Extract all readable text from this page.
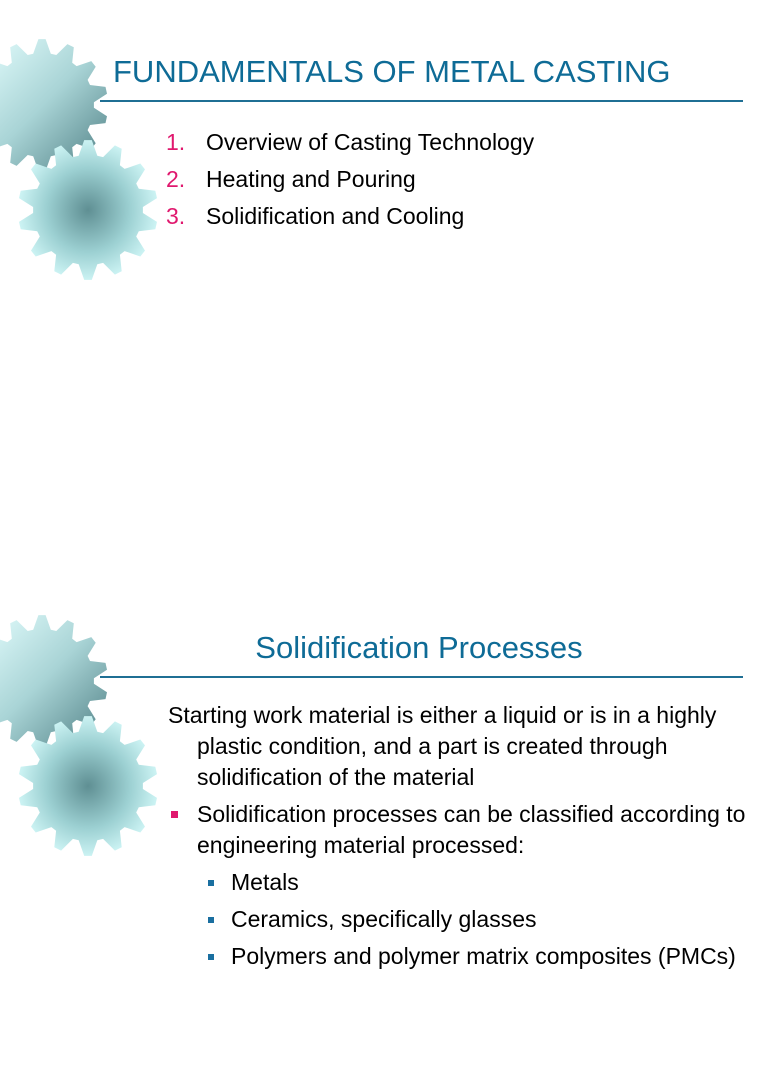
FUNDAMENTALS OF METAL CASTING
1. Overview of Casting Technology
2. Heating and Pouring
3. Solidification and Cooling
Solidification Processes

Starting work material is either a liquid or is in a highly plastic condition, and a part is created through solidification of the material

Solidification processes can be classified according to engineering material processed:

Metals
Ceramics, specifically glasses
Polymers and polymer matrix composites (PMCs)
